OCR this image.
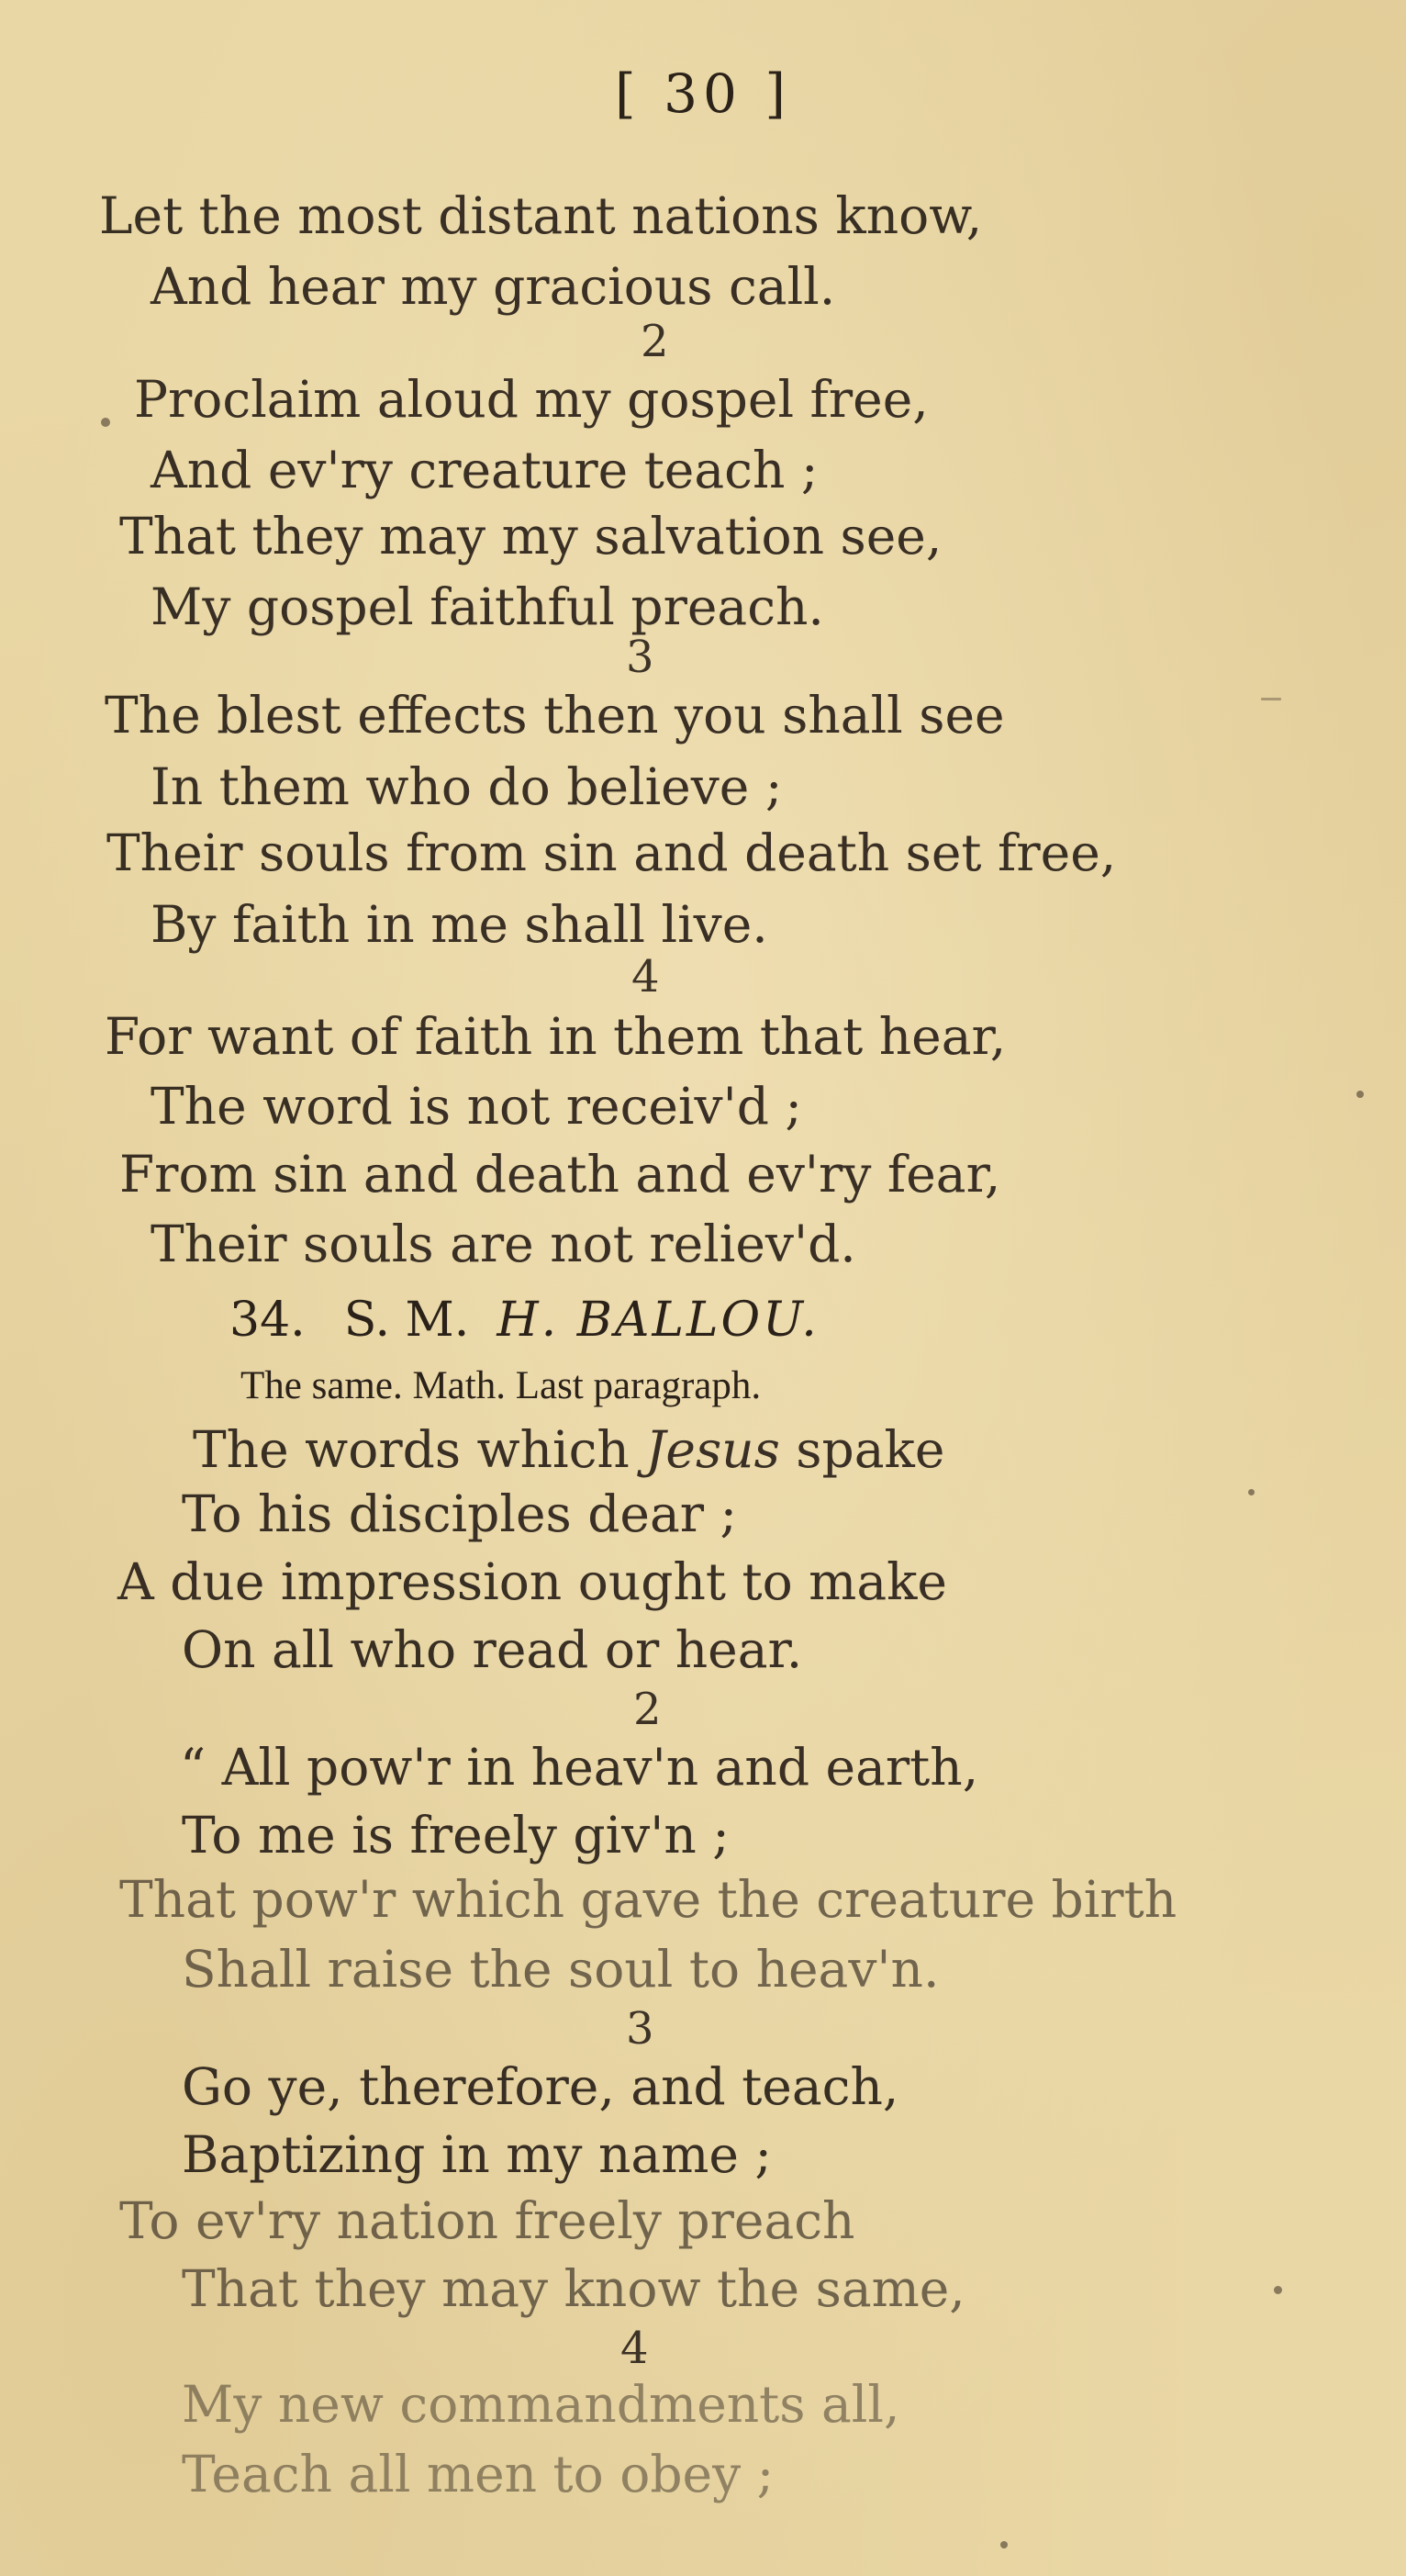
[ 30 ]
Let the most distant nations know,
And hear my gracious call.
2
Proclaim aloud my gospel free,
And ev'ry creature teach ;
That they may my salvation see,
My gospel faithful preach.
3
The blest effects then you shall see
In them who do believe ;
Their souls from sin and death set free,
By faith in me shall live.
4
For want of faith in them that hear,
The word is not receiv'd ;
From sin and death and ev'ry fear,
Their souls are not reliev'd.
34. S. M. H. BALLOU.
The same. Math. Last paragraph.
The words which Jesus spake
To his disciples dear ;
A due impression ought to make
On all who read or hear.
2
“ All pow'r in heav'n and earth,
To me is freely giv'n ;
That pow'r which gave the creature birth
Shall raise the soul to heav'n.
3
Go ye, therefore, and teach,
Baptizing in my name ;
To ev'ry nation freely preach
That they may know the same,
4
My new commandments all,
Teach all men to obey ;
